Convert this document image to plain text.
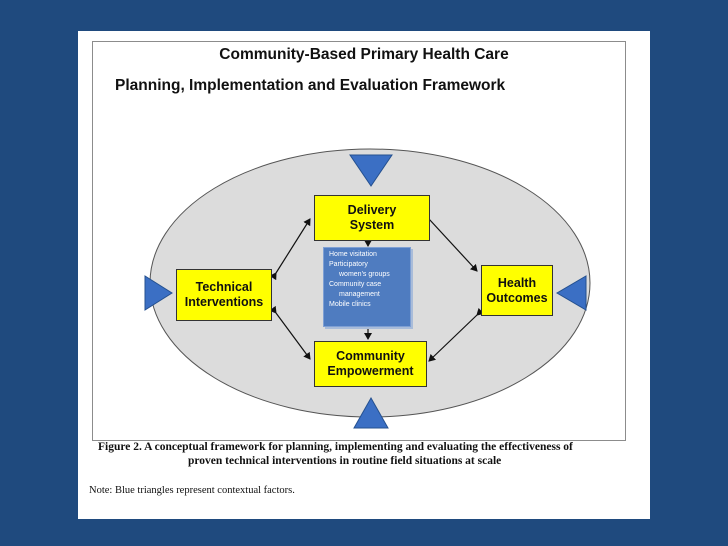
Community-Based Primary Health Care
Planning, Implementation and Evaluation Framework
Delivery
System
Technical
Interventions
Health
Outcomes
Community
Empowerment
Home visitation
Participatory
women's groups
Community case
management
Mobile clinics
Figure 2. A conceptual framework for planning, implementing and evaluating the effectiveness of
proven technical interventions in routine field situations at scale
Note: Blue triangles represent contextual factors.
